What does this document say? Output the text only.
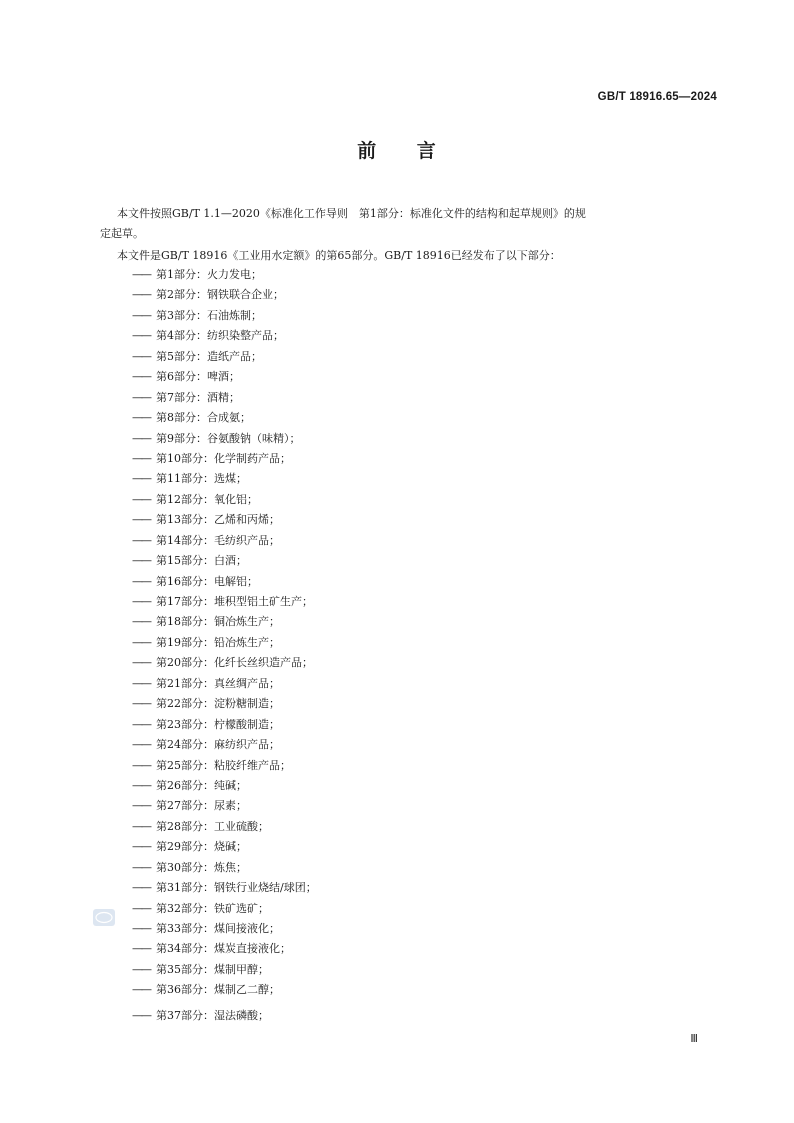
GB/T 18916.65—2024
前 言
本文件按照GB/T 1.1—2020《标准化工作导则　第1部分：标准化文件的结构和起草规则》的规
定起草。
本文件是GB/T 18916《工业用水定额》的第65部分。GB/T 18916已经发布了以下部分：
—— 第1部分：火力发电；
—— 第2部分：钢铁联合企业；
—— 第3部分：石油炼制；
—— 第4部分：纺织染整产品；
—— 第5部分：造纸产品；
—— 第6部分：啤酒；
—— 第7部分：酒精；
—— 第8部分：合成氨；
—— 第9部分：谷氨酸钠（味精）；
—— 第10部分：化学制药产品；
—— 第11部分：选煤；
—— 第12部分：氧化铝；
—— 第13部分：乙烯和丙烯；
—— 第14部分：毛纺织产品；
—— 第15部分：白酒；
—— 第16部分：电解铝；
—— 第17部分：堆积型铝土矿生产；
—— 第18部分：铜冶炼生产；
—— 第19部分：铅冶炼生产；
—— 第20部分：化纤长丝织造产品；
—— 第21部分：真丝绸产品；
—— 第22部分：淀粉糖制造；
—— 第23部分：柠檬酸制造；
—— 第24部分：麻纺织产品；
—— 第25部分：粘胶纤维产品；
—— 第26部分：纯碱；
—— 第27部分：尿素；
—— 第28部分：工业硫酸；
—— 第29部分：烧碱；
—— 第30部分：炼焦；
—— 第31部分：钢铁行业烧结/球团；
—— 第32部分：铁矿选矿；
—— 第33部分：煤间接液化；
—— 第34部分：煤炭直接液化；
—— 第35部分：煤制甲醇；
—— 第36部分：煤制乙二醇；
—— 第37部分：湿法磷酸；
Ⅲ
